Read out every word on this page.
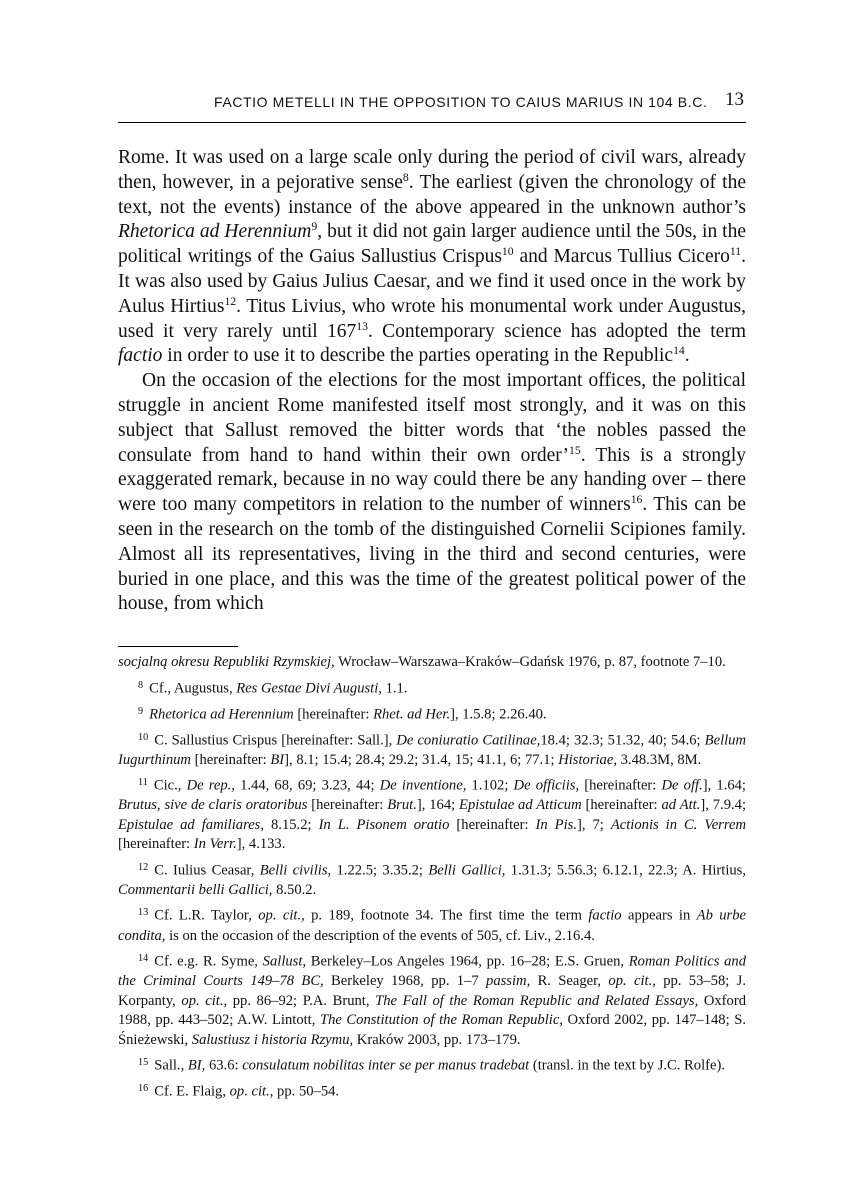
FACTIO METELLI IN THE OPPOSITION TO CAIUS MARIUS IN 104 B.C. 13

Rome. It was used on a large scale only during the period of civil wars, already then, however, in a pejorative sense$^8$. The earliest (given the chronology of the text, not the events) instance of the above appeared in the unknown author’s Rhetorica ad Herennium$^9$, but it did not gain larger audience until the 50s, in the political writings of the Gaius Sallustius Crispus$^{10}$ and Marcus Tullius Cicero$^{11}$. It was also used by Gaius Julius Caesar, and we find it used once in the work by Aulus Hirtius$^{12}$. Titus Livius, who wrote his monumental work under Augustus, used it very rarely until $167^{13}$. Contemporary science has adopted the term factio in order to use it to describe the parties operating in the Republic$^{14}$.

On the occasion of the elections for the most important offices, the political struggle in ancient Rome manifested itself most strongly, and it was on this subject that Sallust removed the bitter words that ‘the nobles passed the consulate from hand to hand within their own order’$^{15}$. This is a strongly exaggerated remark, because in no way could there be any handing over – there were too many competitors in relation to the number of winners$^{16}$. This can be seen in the research on the tomb of the distinguished Cornelii Scipiones family. Almost all its representatives, living in the third and second centuries, were buried in one place, and this was the time of the greatest political power of the house, from which

socjalną okresu Republiki Rzymskiej, Wrocław–Warszawa–Kraków–Gdańsk 1976, p. 87, footnote 7–10.

$^8$ Cf., Augustus, Res Gestae Divi Augusti, 1.1.

$^9$ Rhetorica ad Herennium [hereinafter: Rhet. ad Her.], 1.5.8; 2.26.40.

$^{10}$ C. Sallustius Crispus [hereinafter: Sall.], De coniuratio Catilinae,18.4; 32.3; 51.32, 40; 54.6; Bellum Iugurthinum [hereinafter: BI], 8.1; 15.4; 28.4; 29.2; 31.4, 15; 41.1, 6; 77.1; Historiae, 3.48.3M, 8M.

$^{11}$ Cic., De rep., 1.44, 68, 69; 3.23, 44; De inventione, 1.102; De officiis, [hereinafter: De off.], 1.64; Brutus, sive de claris oratoribus [hereinafter: Brut.], 164; Epistulae ad Atticum [hereinafter: ad Att.], 7.9.4; Epistulae ad familiares, 8.15.2; In L. Pisonem oratio [hereinafter: In Pis.], 7; Actionis in C. Verrem [hereinafter: In Verr.], 4.133.

$^{12}$ C. Iulius Ceasar, Belli civilis, 1.22.5; 3.35.2; Belli Gallici, 1.31.3; 5.56.3; 6.12.1, 22.3; A. Hirtius, Commentarii belli Gallici, 8.50.2.

$^{13}$ Cf. L.R. Taylor, op. cit., p. 189, footnote 34. The first time the term factio appears in Ab urbe condita, is on the occasion of the description of the events of 505, cf. Liv., 2.16.4.

$^{14}$ Cf. e.g. R. Syme, Sallust, Berkeley–Los Angeles 1964, pp. 16–28; E.S. Gruen, Roman Politics and the Criminal Courts 149–78 BC, Berkeley 1968, pp. 1–7 passim, R. Seager, op. cit., pp. 53–58; J. Korpanty, op. cit., pp. 86–92; P.A. Brunt, The Fall of the Roman Republic and Related Essays, Oxford 1988, pp. 443–502; A.W. Lintott, The Constitution of the Roman Republic, Oxford 2002, pp. 147–148; S. Śnieżewski, Salustiusz i historia Rzymu, Kraków 2003, pp. 173–179.

$^{15}$ Sall., BI, 63.6: consulatum nobilitas inter se per manus tradebat (transl. in the text by J.C. Rolfe).

$^{16}$ Cf. E. Flaig, op. cit., pp. 50–54.
